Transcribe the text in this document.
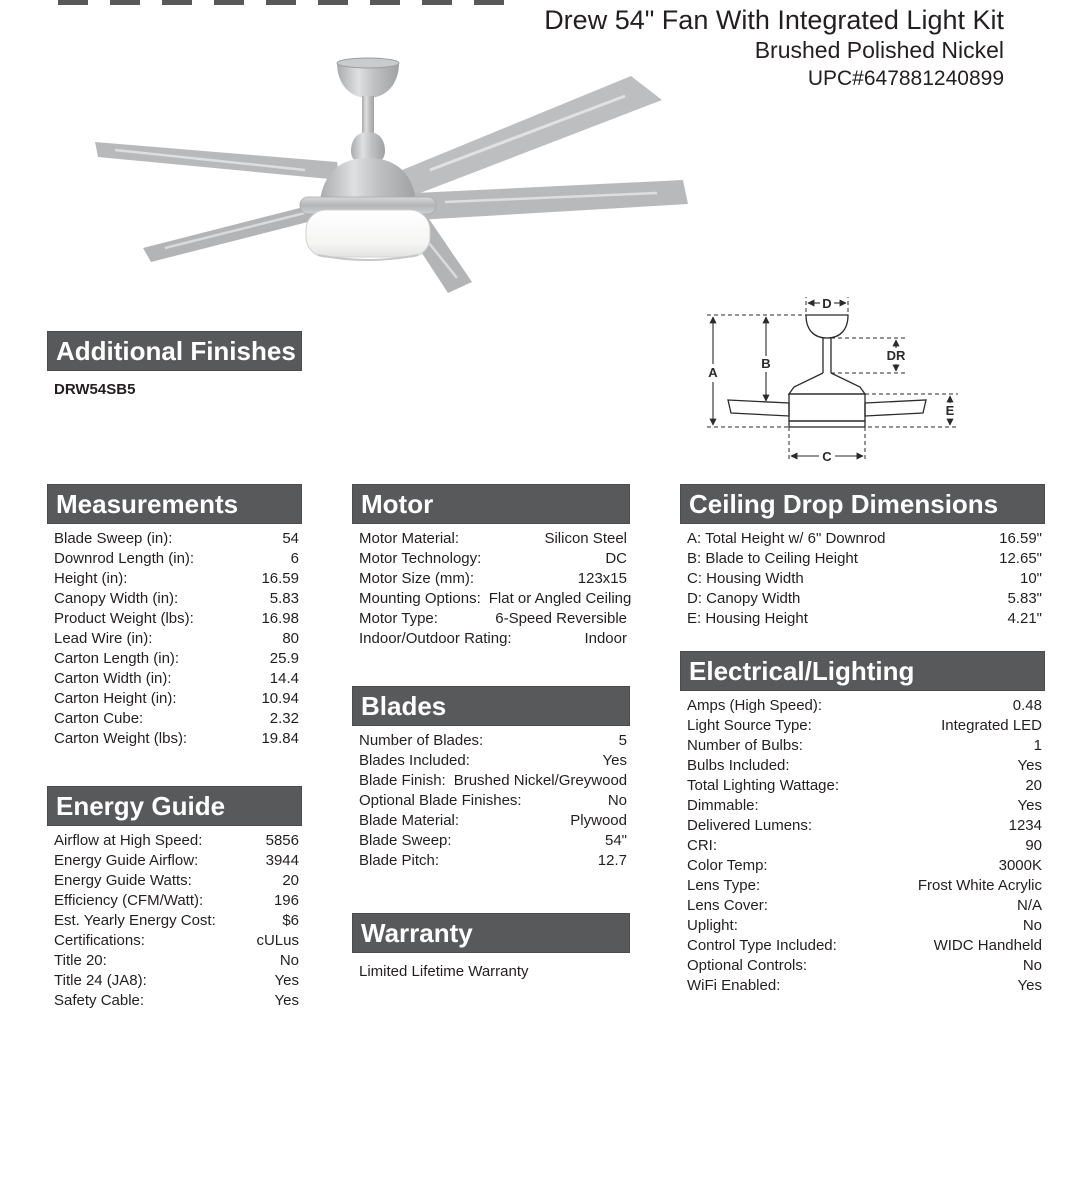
Drew 54" Fan With Integrated Light Kit
Brushed Polished Nickel
UPC#647881240899
A
B
C
D
DR
E
Additional Finishes
DRW54SB5
Measurements
Blade Sweep (in):	54
Downrod Length (in):	6
Height (in):	16.59
Canopy Width (in):	5.83
Product Weight (lbs):	16.98
Lead Wire (in):	80
Carton Length (in):	25.9
Carton Width (in):	14.4
Carton Height (in):	10.94
Carton Cube:	2.32
Carton Weight (lbs):	19.84
Energy Guide
Airflow at High Speed:	5856
Energy Guide Airflow:	3944
Energy Guide Watts:	20
Efficiency (CFM/Watt):	196
Est. Yearly Energy Cost:	$6
Certifications:	cULus
Title 20:	No
Title 24 (JA8):	Yes
Safety Cable:	Yes
Motor
Motor Material:	Silicon Steel
Motor Technology:	DC
Motor Size (mm):	123x15
Mounting Options: Flat or Angled Ceiling
Motor Type:	6-Speed Reversible
Indoor/Outdoor Rating:	Indoor
Blades
Number of Blades:	5
Blades Included:	Yes
Blade Finish: Brushed Nickel/Greywood
Optional Blade Finishes:	No
Blade Material:	Plywood
Blade Sweep:	54"
Blade Pitch:	12.7
Warranty
Limited Lifetime Warranty
Ceiling Drop Dimensions
A: Total Height w/ 6" Downrod	16.59"
B: Blade to Ceiling Height	12.65"
C: Housing Width	10"
D: Canopy Width	5.83"
E: Housing Height	4.21"
Electrical/Lighting
Amps (High Speed):	0.48
Light Source Type:	Integrated LED
Number of Bulbs:	1
Bulbs Included:	Yes
Total Lighting Wattage:	20
Dimmable:	Yes
Delivered Lumens:	1234
CRI:	90
Color Temp:	3000K
Lens Type:	Frost White Acrylic
Lens Cover:	N/A
Uplight:	No
Control Type Included:	WIDC Handheld
Optional Controls:	No
WiFi Enabled:	Yes
